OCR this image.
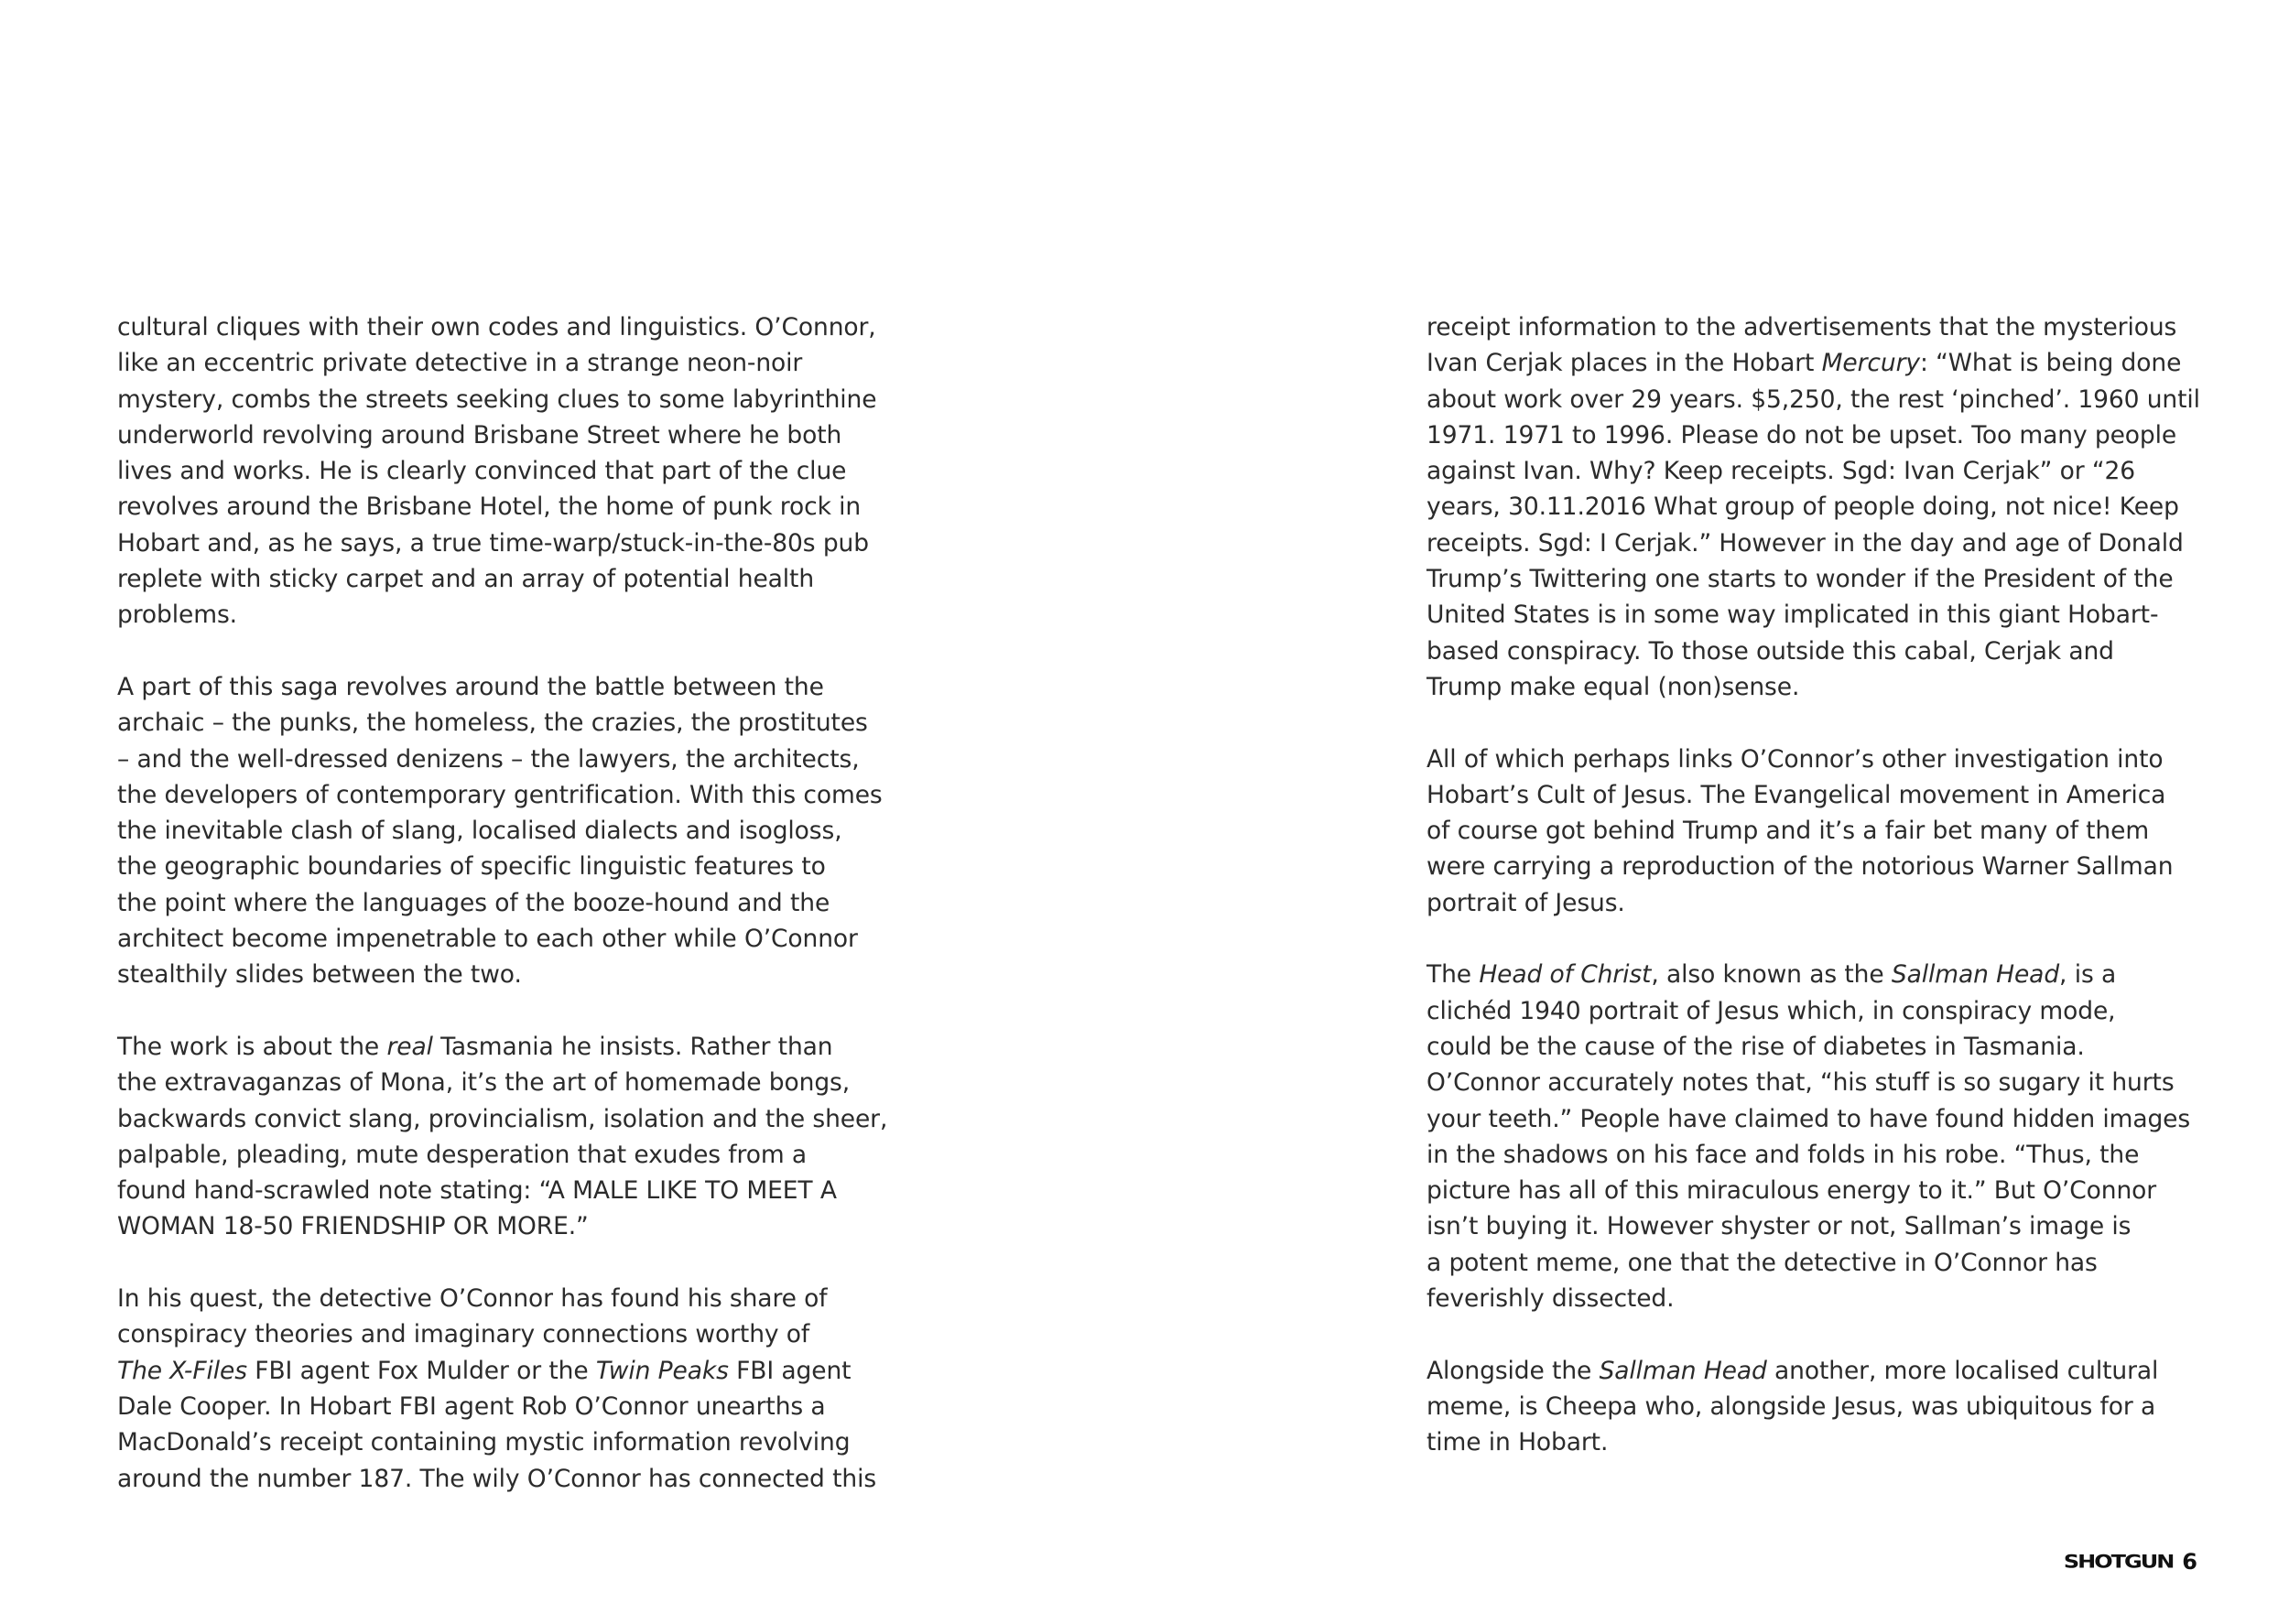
cultural cliques with their own codes and linguistics. O’Connor,
like an eccentric private detective in a strange neon-noir
mystery, combs the streets seeking clues to some labyrinthine
underworld revolving around Brisbane Street where he both
lives and works. He is clearly convinced that part of the clue
revolves around the Brisbane Hotel, the home of punk rock in
Hobart and, as he says, a true time-warp/stuck-in-the-80s pub
replete with sticky carpet and an array of potential health problems.

A part of this saga revolves around the battle between the
archaic – the punks, the homeless, the crazies, the prostitutes
– and the well-dressed denizens – the lawyers, the architects,
the developers of contemporary gentrification. With this comes
the inevitable clash of slang, localised dialects and isogloss,
the geographic boundaries of specific linguistic features to
the point where the languages of the booze-hound and the
architect become impenetrable to each other while O’Connor
stealthily slides between the two.

The work is about the real Tasmania he insists. Rather than
the extravaganzas of Mona, it’s the art of homemade bongs,
backwards convict slang, provincialism, isolation and the sheer,
palpable, pleading, mute desperation that exudes from a
found hand-scrawled note stating: “A MALE LIKE TO MEET A
WOMAN 18-50 FRIENDSHIP OR MORE.”

In his quest, the detective O’Connor has found his share of
conspiracy theories and imaginary connections worthy of
The X-Files FBI agent Fox Mulder or the Twin Peaks FBI agent
Dale Cooper. In Hobart FBI agent Rob O’Connor unearths a
MacDonald’s receipt containing mystic information revolving
around the number 187. The wily O’Connor has connected this

receipt information to the advertisements that the mysterious
Ivan Cerjak places in the Hobart Mercury: “What is being done
about work over 29 years. $5,250, the rest ‘pinched’. 1960 until
1971. 1971 to 1996. Please do not be upset. Too many people
against Ivan. Why? Keep receipts. Sgd: Ivan Cerjak” or “26
years, 30.11.2016 What group of people doing, not nice! Keep
receipts. Sgd: I Cerjak.” However in the day and age of Donald
Trump’s Twittering one starts to wonder if the President of the
United States is in some way implicated in this giant Hobart-
based conspiracy. To those outside this cabal, Cerjak and
Trump make equal (non)sense.

All of which perhaps links O’Connor’s other investigation into
Hobart’s Cult of Jesus. The Evangelical movement in America
of course got behind Trump and it’s a fair bet many of them
were carrying a reproduction of the notorious Warner Sallman
portrait of Jesus.

The Head of Christ, also known as the Sallman Head, is a
clichéd 1940 portrait of Jesus which, in conspiracy mode,
could be the cause of the rise of diabetes in Tasmania.
O’Connor accurately notes that, “his stuff is so sugary it hurts
your teeth.” People have claimed to have found hidden images
in the shadows on his face and folds in his robe. “Thus, the
picture has all of this miraculous energy to it.” But O’Connor
isn’t buying it. However shyster or not, Sallman’s image is
a potent meme, one that the detective in O’Connor has
feverishly dissected.

Alongside the Sallman Head another, more localised cultural
meme, is Cheepa who, alongside Jesus, was ubiquitous for a
time in Hobart.

SHOTGUN 6
